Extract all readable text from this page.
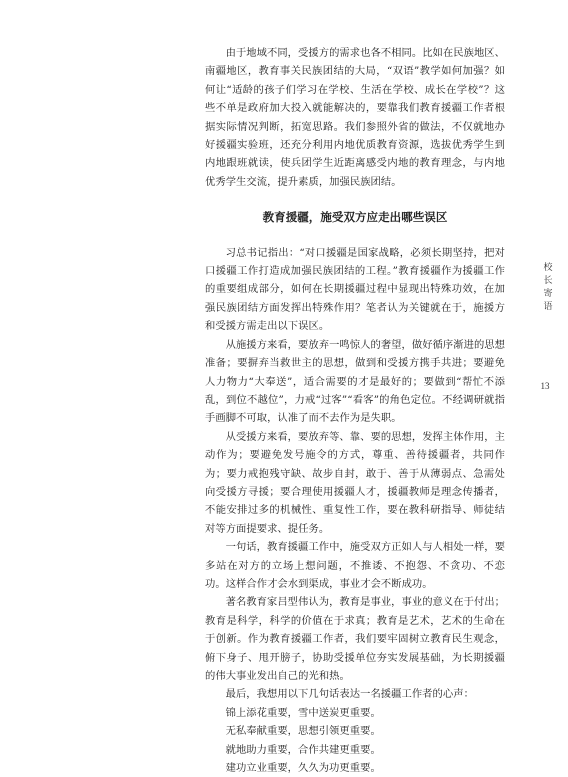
由于地域不同，受援方的需求也各不相同。比如在民族地区、南疆地区，教育事关民族团结的大局，“双语”教学如何加强？如何让“适龄的孩子们学习在学校、生活在学校、成长在学校”？这些不单是政府加大投入就能解决的，要靠我们教育援疆工作者根据实际情况判断，拓宽思路。我们参照外省的做法，不仅就地办好援疆实验班，还充分利用内地优质教育资源，选拔优秀学生到内地跟班就读，使兵团学生近距离感受内地的教育理念，与内地优秀学生交流，提升素质，加强民族团结。

教育援疆，施受双方应走出哪些误区

习总书记指出：“对口援疆是国家战略，必须长期坚持，把对口援疆工作打造成加强民族团结的工程。”教育援疆作为援疆工作的重要组成部分，如何在长期援疆过程中显现出特殊功效，在加强民族团结方面发挥出特殊作用？笔者认为关键就在于，施援方和受援方需走出以下误区。

从施援方来看，要放弃一鸣惊人的奢望，做好循序渐进的思想准备；要摒弃当救世主的思想，做到和受援方携手共进；要避免人力物力“大奉送”，适合需要的才是最好的；要做到“帮忙不添乱，到位不越位”，力戒“过客”“看客”的角色定位。不经调研就指手画脚不可取，认准了而不去作为是失职。

从受援方来看，要放弃等、靠、要的思想，发挥主体作用，主动作为；要避免发号施令的方式，尊重、善待援疆者，共同作为；要力戒抱残守缺、故步自封，敢于、善于从薄弱点、急需处向受援方寻援；要合理使用援疆人才，援疆教师是理念传播者，不能安排过多的机械性、重复性工作，要在教科研指导、师徒结对等方面提要求、提任务。

一句话，教育援疆工作中，施受双方正如人与人相处一样，要多站在对方的立场上想问题，不推诿、不抱怨、不贪功、不恋功。这样合作才会水到渠成，事业才会不断成功。

著名教育家吕型伟认为，教育是事业，事业的意义在于付出；教育是科学，科学的价值在于求真；教育是艺术，艺术的生命在于创新。作为教育援疆工作者，我们要牢固树立教育民生观念，俯下身子、甩开膀子，协助受援单位夯实发展基础，为长期援疆的伟大事业发出自己的光和热。

最后，我想用以下几句话表达一名援疆工作者的心声：

锦上添花重要，雪中送炭更重要。

无私奉献重要，思想引领更重要。

就地助力重要，合作共建更重要。

建功立业重要，久久为功更重要。

校
长
寄
语
13
